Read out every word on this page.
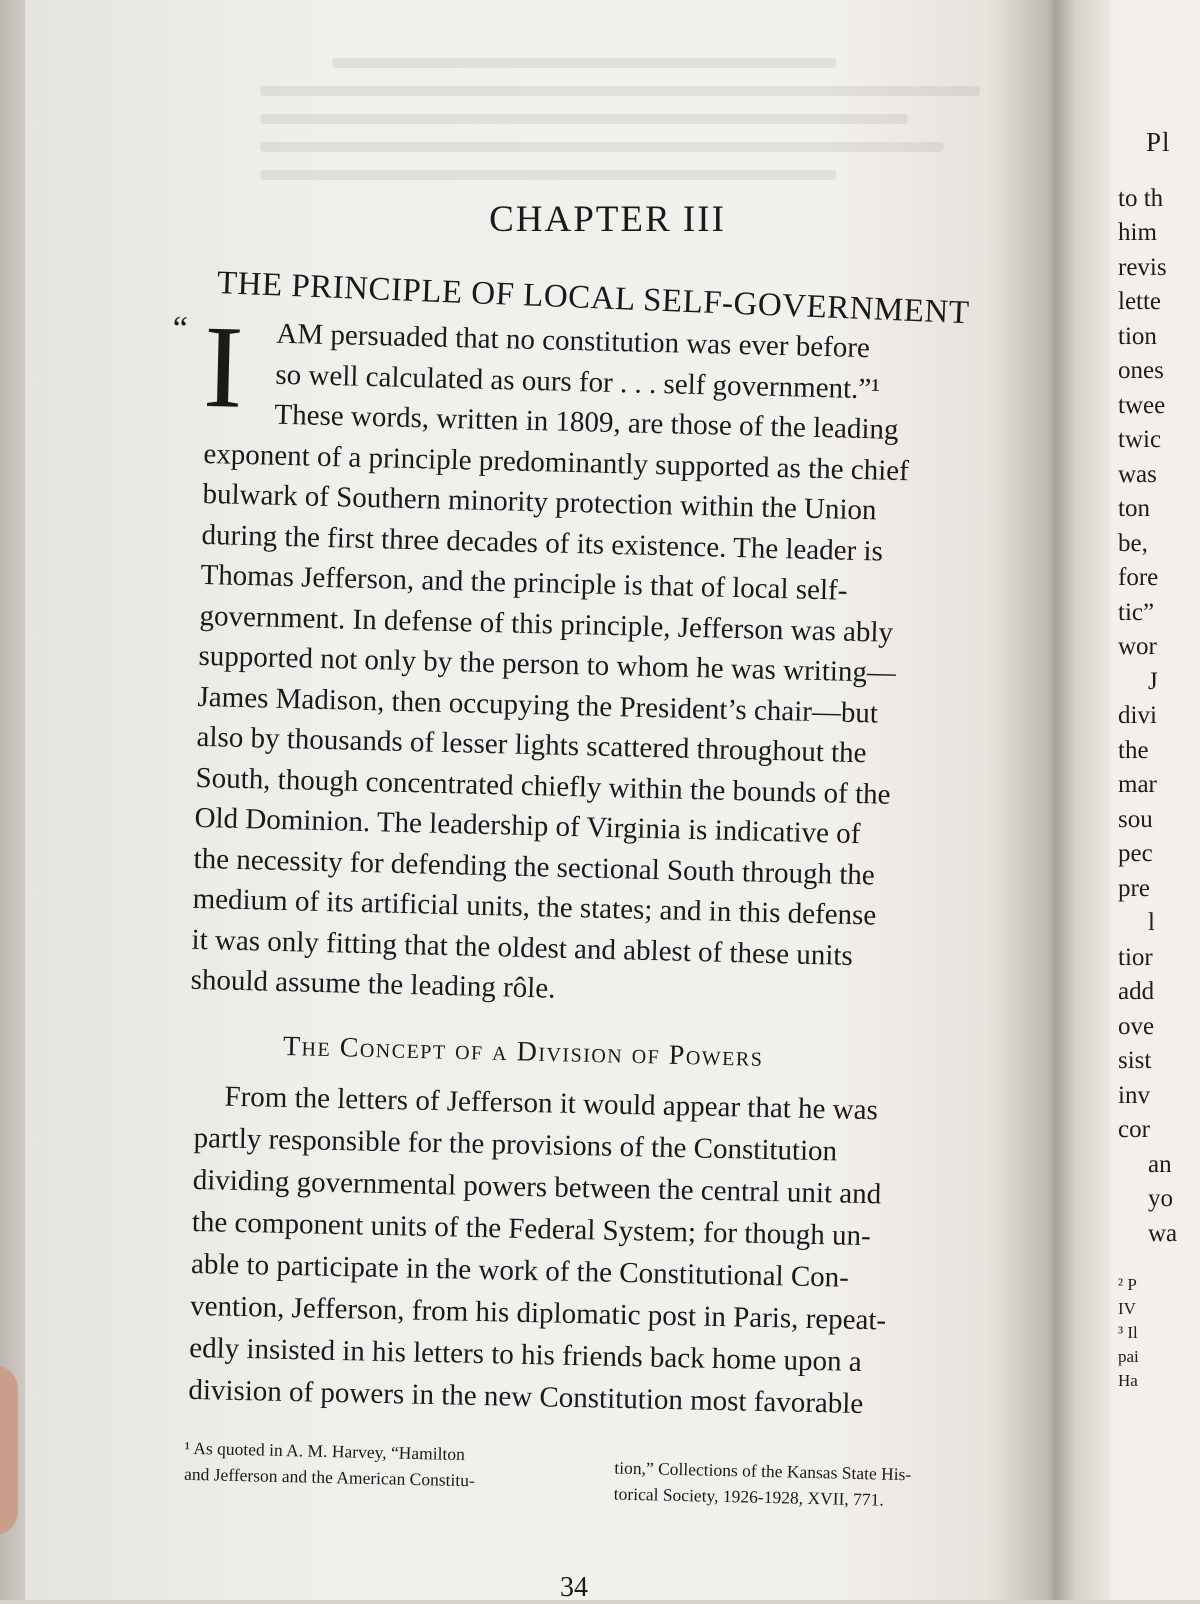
CHAPTER III
THE PRINCIPLE OF LOCAL SELF-GOVERNMENT
“ I	AM persuaded that no constitution was ever before
so well calculated as ours for . . . self government.”¹
These words, written in 1809, are those of the leading
exponent of a principle predominantly supported as the chief
bulwark of Southern minority protection within the Union
during the first three decades of its existence. The leader is
Thomas Jefferson, and the principle is that of local self-
government. In defense of this principle, Jefferson was ably
supported not only by the person to whom he was writing—
James Madison, then occupying the President’s chair—but
also by thousands of lesser lights scattered throughout the
South, though concentrated chiefly within the bounds of the
Old Dominion. The leadership of Virginia is indicative of
the necessity for defending the sectional South through the
medium of its artificial units, the states; and in this defense
it was only fitting that the oldest and ablest of these units
should assume the leading rôle.
The Concept of a Division of Powers
From the letters of Jefferson it would appear that he was
partly responsible for the provisions of the Constitution
dividing governmental powers between the central unit and
the component units of the Federal System; for though un-
able to participate in the work of the Constitutional Con-
vention, Jefferson, from his diplomatic post in Paris, repeat-
edly insisted in his letters to his friends back home upon a
division of powers in the new Constitution most favorable
¹ As quoted in A. M. Harvey, “Hamilton
and Jefferson and the American Constitu-	tion,” Collections of the Kansas State His-
torical Society, 1926-1928, XVII, 771.
34
Pl
to th
him
revis
lette
tion
ones
twee
twic
was
ton
be,
fore
tic”
wor
J
divi
the
mar
sou
pec
pre
l
tior
add
ove
sist
inv
cor
an
yo
wa
² P
IV
³ Il
pai
Ha
